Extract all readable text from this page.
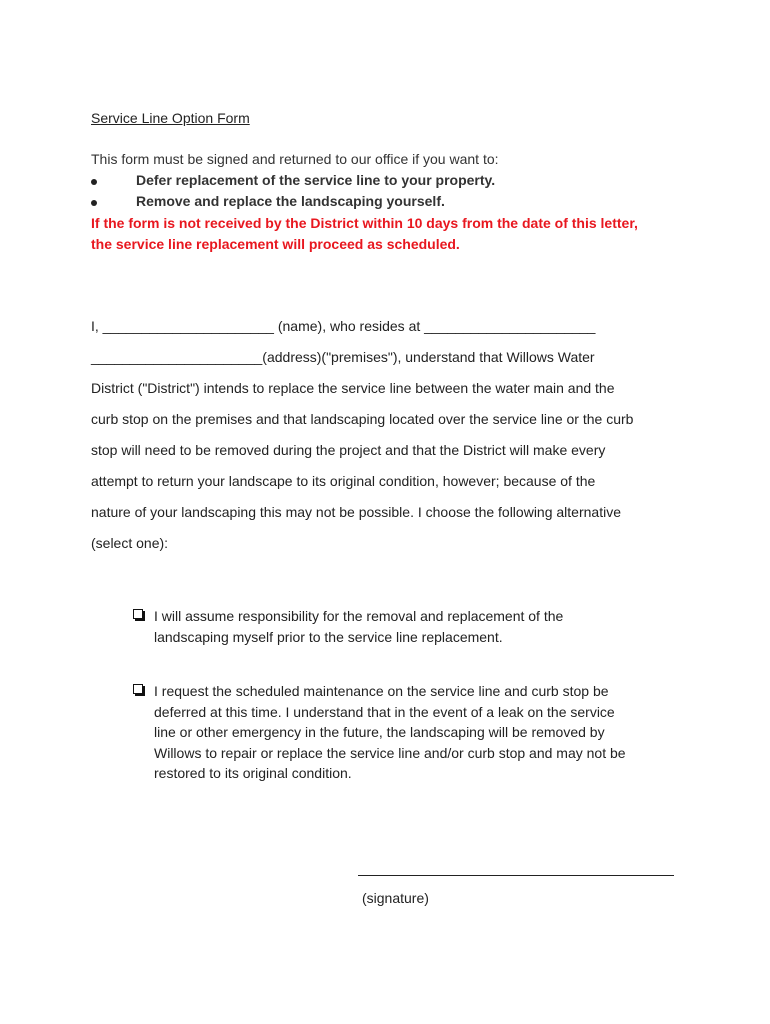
Service Line Option Form
This form must be signed and returned to our office if you want to:
Defer replacement of the service line to your property.
Remove and replace the landscaping yourself.
If the form is not received by the District within 10 days from the date of this letter,
the service line replacement will proceed as scheduled.
I, ______________________ (name), who resides at ______________________
______________________(address)("premises"), understand that Willows Water
District ("District") intends to replace the service line between the water main and the
curb stop on the premises and that landscaping located over the service line or the curb
stop will need to be removed during the project and that the District will make every
attempt to return your landscape to its original condition, however; because of the
nature of your landscaping this may not be possible. I choose the following alternative
(select one):
I will assume responsibility for the removal and replacement of the
landscaping myself prior to the service line replacement.
I request the scheduled maintenance on the service line and curb stop be
deferred at this time. I understand that in the event of a leak on the service
line or other emergency in the future, the landscaping will be removed by
Willows to repair or replace the service line and/or curb stop and may not be
restored to its original condition.
(signature)
